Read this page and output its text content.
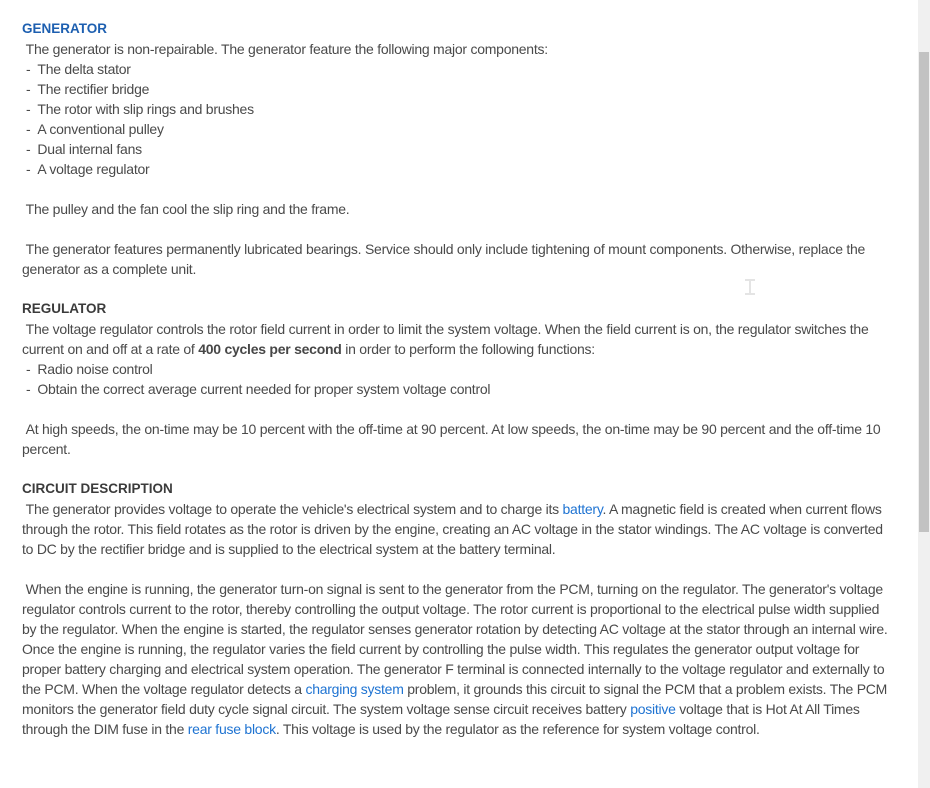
GENERATOR

The generator is non-repairable. The generator feature the following major components:

- The delta stator
- The rectifier bridge
- The rotor with slip rings and brushes
- A conventional pulley
- Dual internal fans
- A voltage regulator

The pulley and the fan cool the slip ring and the frame.

The generator features permanently lubricated bearings. Service should only include tightening of mount components. Otherwise, replace the generator as a complete unit.

REGULATOR

The voltage regulator controls the rotor field current in order to limit the system voltage. When the field current is on, the regulator switches the current on and off at a rate of 400 cycles per second in order to perform the following functions:

- Radio noise control
- Obtain the correct average current needed for proper system voltage control

At high speeds, the on-time may be 10 percent with the off-time at 90 percent. At low speeds, the on-time may be 90 percent and the off-time 10 percent.

CIRCUIT DESCRIPTION

The generator provides voltage to operate the vehicle's electrical system and to charge its battery. A magnetic field is created when current flows through the rotor. This field rotates as the rotor is driven by the engine, creating an AC voltage in the stator windings. The AC voltage is converted to DC by the rectifier bridge and is supplied to the electrical system at the battery terminal.

When the engine is running, the generator turn-on signal is sent to the generator from the PCM, turning on the regulator. The generator's voltage regulator controls current to the rotor, thereby controlling the output voltage. The rotor current is proportional to the electrical pulse width supplied by the regulator. When the engine is started, the regulator senses generator rotation by detecting AC voltage at the stator through an internal wire. Once the engine is running, the regulator varies the field current by controlling the pulse width. This regulates the generator output voltage for proper battery charging and electrical system operation. The generator F terminal is connected internally to the voltage regulator and externally to the PCM. When the voltage regulator detects a charging system problem, it grounds this circuit to signal the PCM that a problem exists. The PCM monitors the generator field duty cycle signal circuit. The system voltage sense circuit receives battery positive voltage that is Hot At All Times through the DIM fuse in the rear fuse block. This voltage is used by the regulator as the reference for system voltage control.
